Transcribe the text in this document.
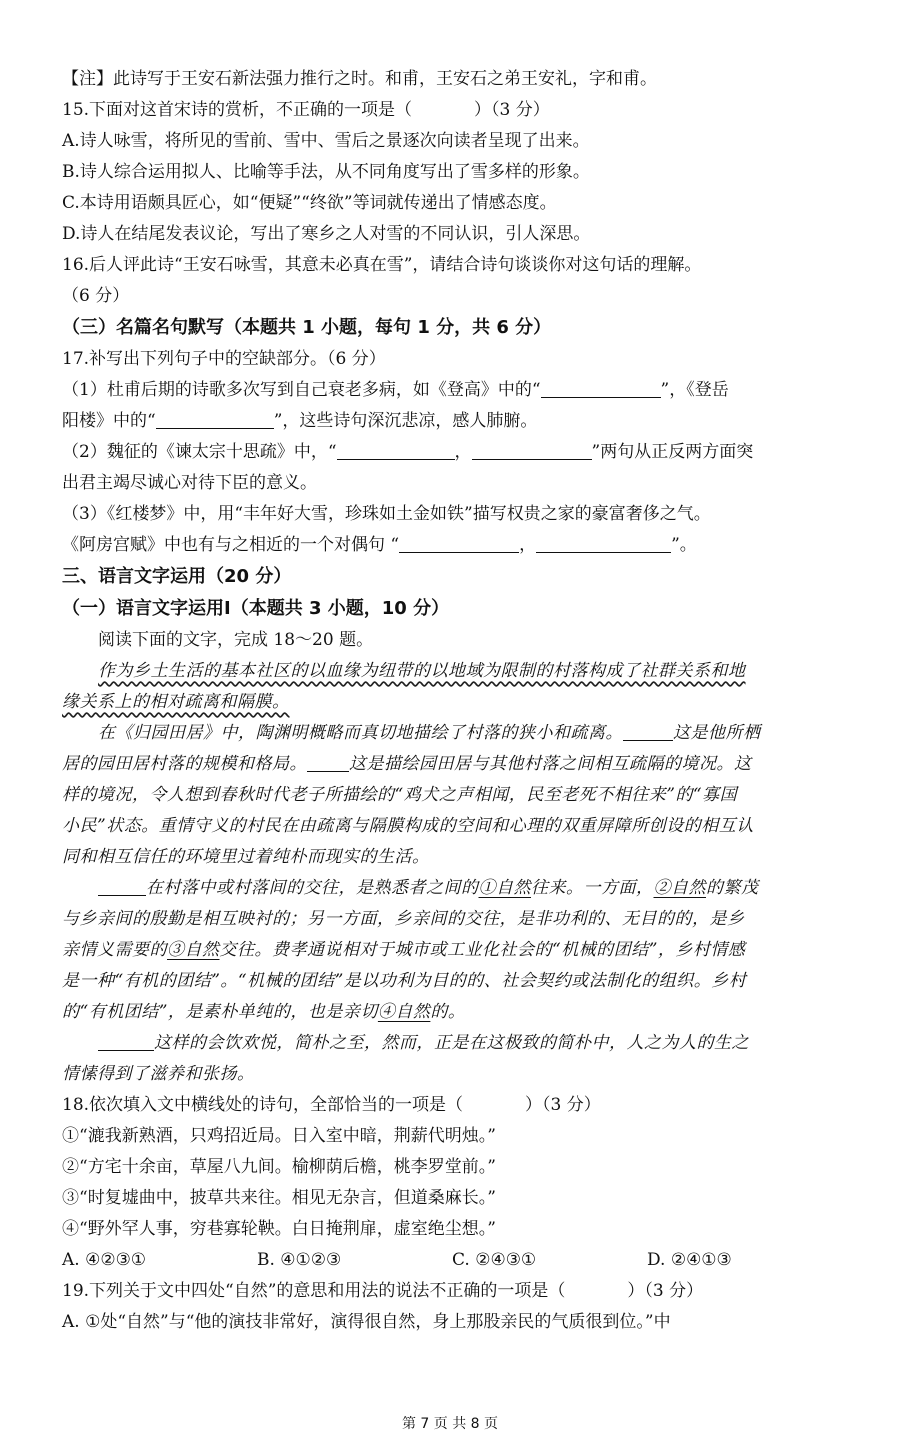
【注】此诗写于王安石新法强力推行之时。和甫，王安石之弟王安礼，字和甫。
15.下面对这首宋诗的赏析，不正确的一项是（	）（3 分）
A.诗人咏雪，将所见的雪前、雪中、雪后之景逐次向读者呈现了出来。
B.诗人综合运用拟人、比喻等手法，从不同角度写出了雪多样的形象。
C.本诗用语颇具匠心，如“便疑”“终欲”等词就传递出了情感态度。
D.诗人在结尾发表议论，写出了寒乡之人对雪的不同认识，引人深思。
16.后人评此诗“王安石咏雪，其意未必真在雪”，请结合诗句谈谈你对这句话的理解。
（6 分）
（三）名篇名句默写（本题共 1 小题，每句 1 分，共 6 分）
17.补写出下列句子中的空缺部分。（6 分）
（1）杜甫后期的诗歌多次写到自己衰老多病，如《登高》中的“	”，《登岳
阳楼》中的“	”，这些诗句深沉悲凉，感人肺腑。
（2）魏征的《谏太宗十思疏》中，“	，	”两句从正反两方面突
出君主竭尽诚心对待下臣的意义。
（3）《红楼梦》中，用“丰年好大雪，珍珠如土金如铁”描写权贵之家的豪富奢侈之气。
《阿房宫赋》中也有与之相近的一个对偶句 “	，	”。
三、语言文字运用（20 分）
（一）语言文字运用Ⅰ（本题共 3 小题，10 分）
阅读下面的文字，完成 18～20 题。
作为乡土生活的基本社区的以血缘为纽带的以地域为限制的村落构成了社群关系和地
缘关系上的相对疏离和隔膜。
在《归园田居》中，陶渊明概略而真切地描绘了村落的狭小和疏离。	这是他所栖
居的园田居村落的规模和格局。 这是描绘园田居与其他村落之间相互疏隔的境况。这
样的境况，令人想到春秋时代老子所描绘的“鸡犬之声相闻，民至老死不相往来”的“寡国
小民”状态。重情守义的村民在由疏离与隔膜构成的空间和心理的双重屏障所创设的相互认
同和相互信任的环境里过着纯朴而现实的生活。
在村落中或村落间的交往，是熟悉者之间的①自然往来。一方面，②自然的繁茂
与乡亲间的殷勤是相互映衬的；另一方面，乡亲间的交往，是非功利的、无目的的，是乡
亲情义需要的③自然交往。费孝通说相对于城市或工业化社会的“机械的团结”，乡村情感
是一种“有机的团结”。“机械的团结”是以功利为目的的、社会契约或法制化的组织。乡村
的“有机团结”，是素朴单纯的，也是亲切④自然的。
这样的会饮欢悦，简朴之至，然而，正是在这极致的简朴中，人之为人的生之
情愫得到了滋养和张扬。
18.依次填入文中横线处的诗句，全部恰当的一项是（	）（3 分）
①“漉我新熟酒，只鸡招近局。日入室中暗，荆薪代明烛。”
②“方宅十余亩，草屋八九间。榆柳荫后檐，桃李罗堂前。”
③“时复墟曲中，披草共来往。相见无杂言，但道桑麻长。”
④“野外罕人事，穷巷寡轮鞅。白日掩荆扉，虚室绝尘想。”
A. ④②③①	B. ④①②③	C. ②④③①	D. ②④①③
19.下列关于文中四处“自然”的意思和用法的说法不正确的一项是（	）（3 分）
A. ①处“自然”与“他的演技非常好，演得很自然，身上那股亲民的气质很到位。”中
第 7 页 共 8 页
